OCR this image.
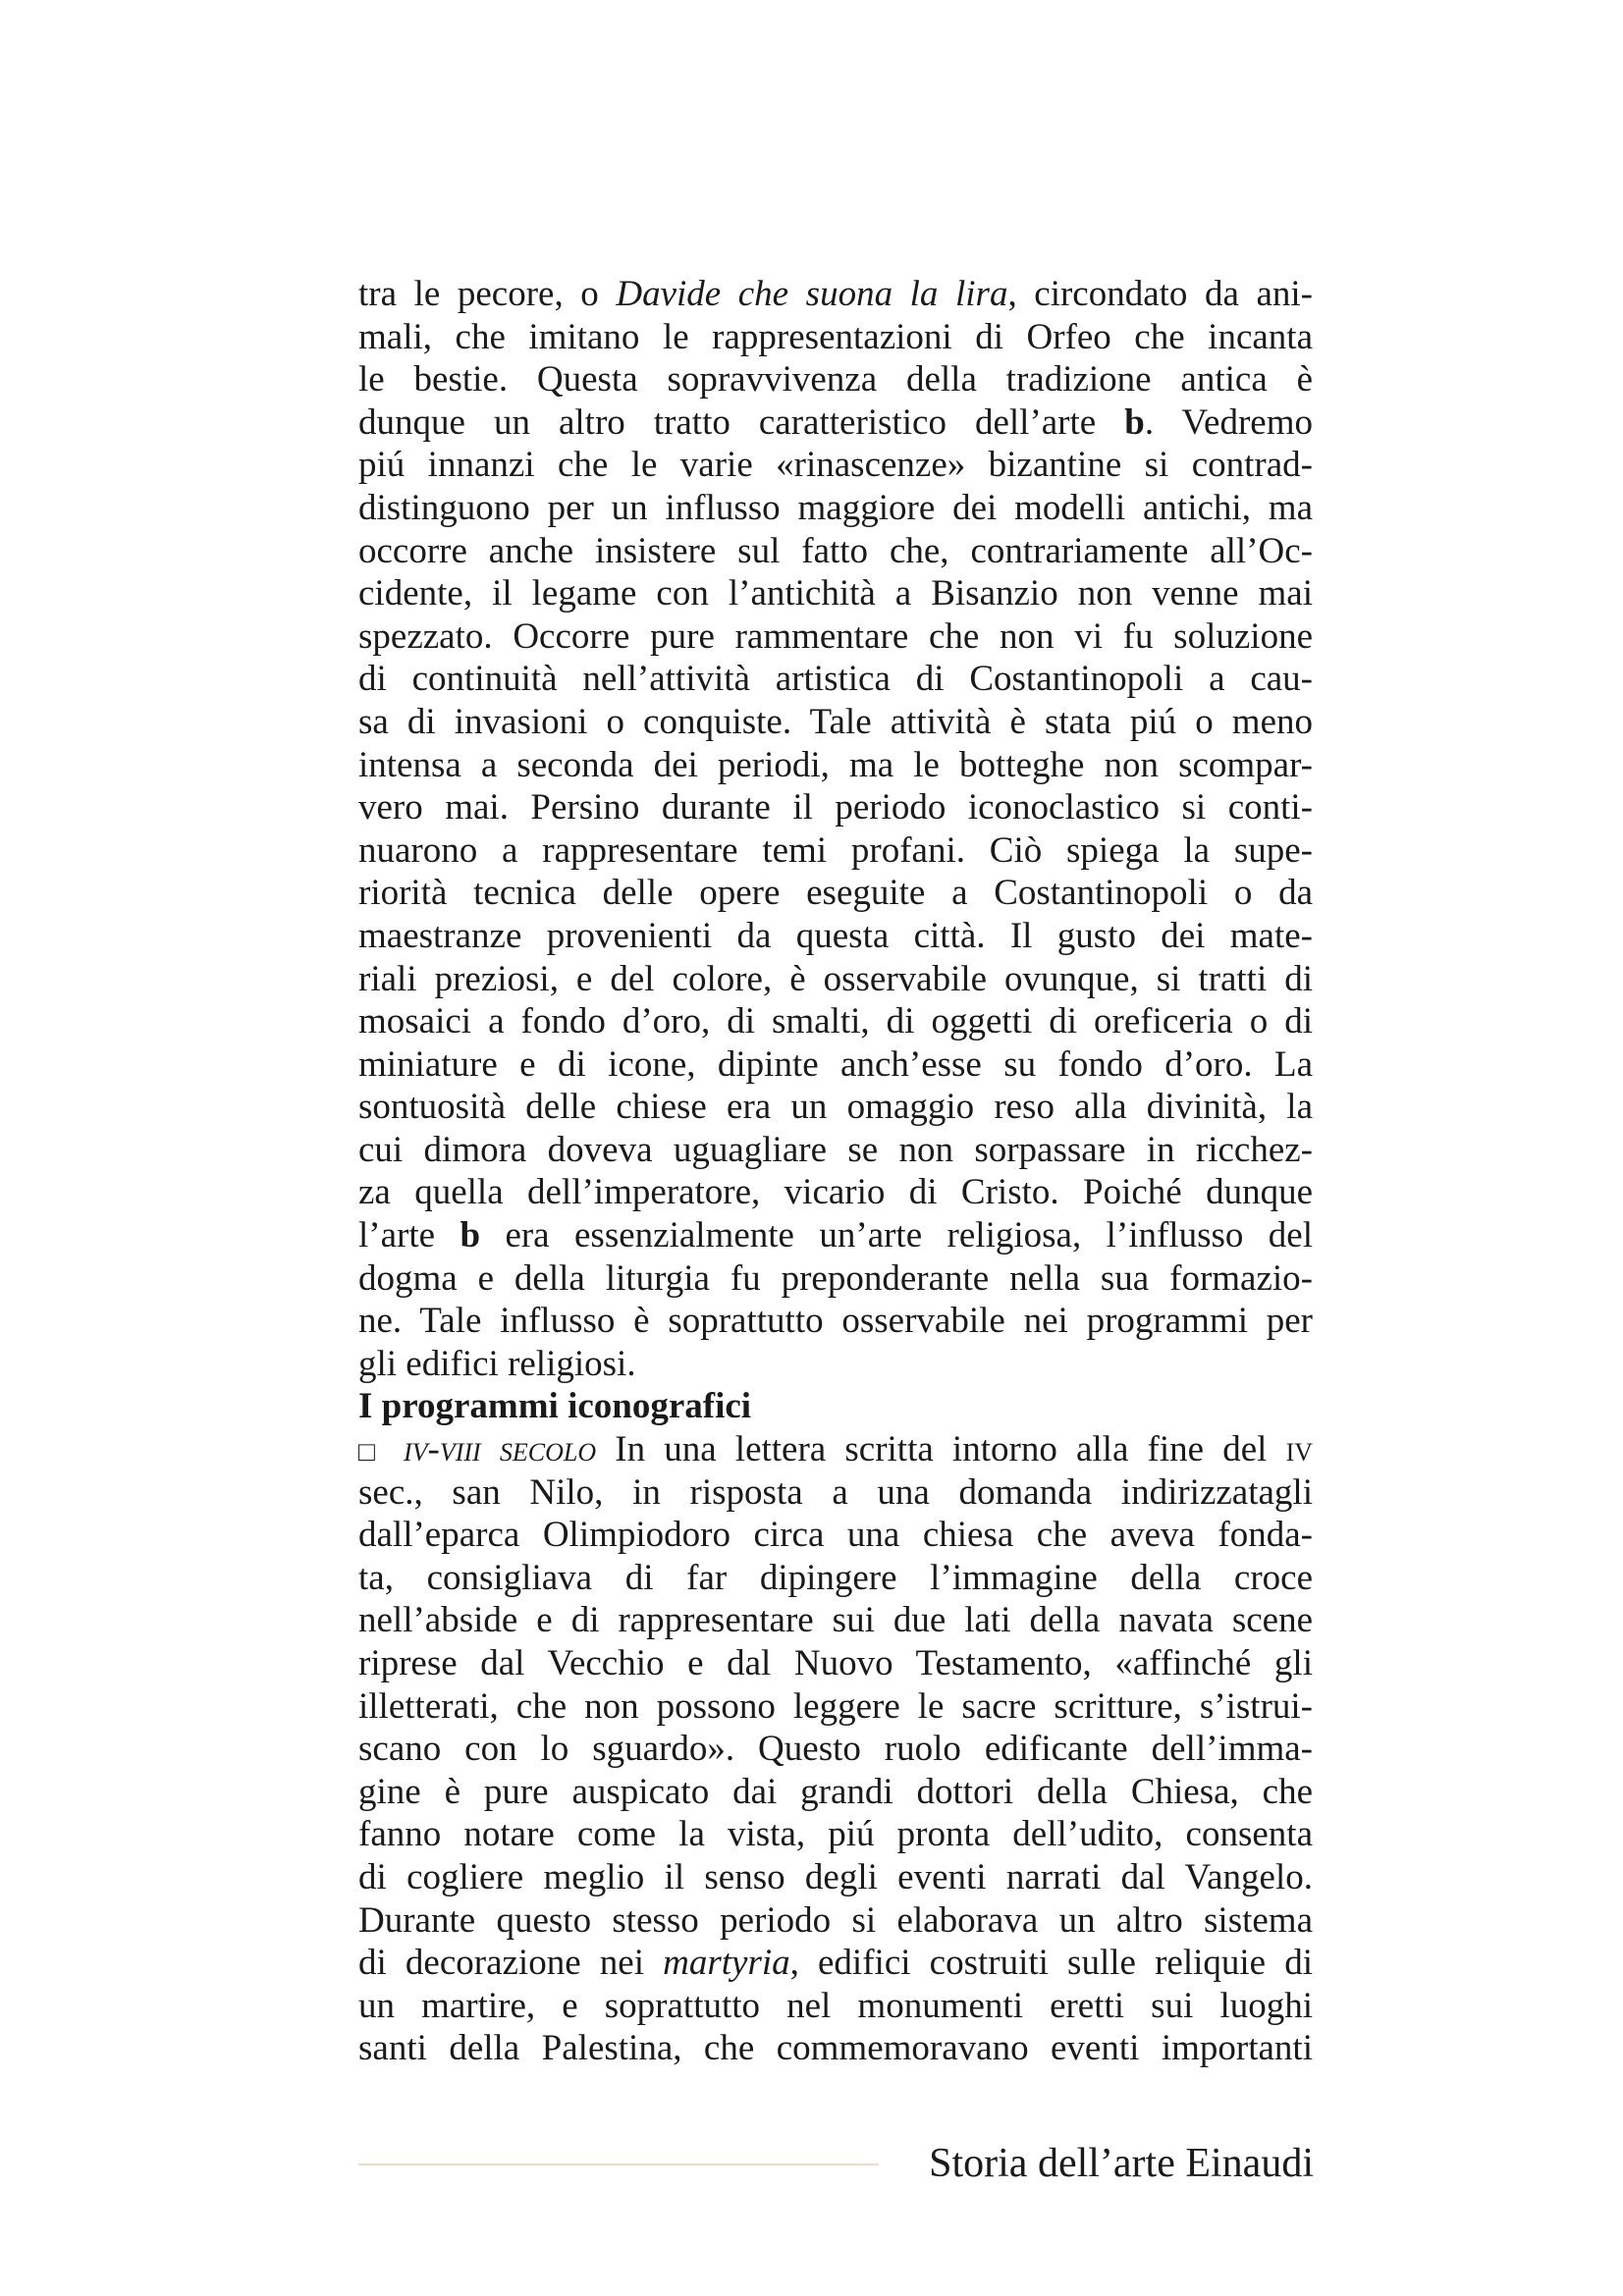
tra le pecore, o Davide che suona la lira, circondato da ani-
mali, che imitano le rappresentazioni di Orfeo che incanta
le bestie. Questa sopravvivenza della tradizione antica è
dunque un altro tratto caratteristico dell’arte b. Vedremo
piú innanzi che le varie «rinascenze» bizantine si contrad-
distinguono per un influsso maggiore dei modelli antichi, ma
occorre anche insistere sul fatto che, contrariamente all’Oc-
cidente, il legame con l’antichità a Bisanzio non venne mai
spezzato. Occorre pure rammentare che non vi fu soluzione
di continuità nell’attività artistica di Costantinopoli a cau-
sa di invasioni o conquiste. Tale attività è stata piú o meno
intensa a seconda dei periodi, ma le botteghe non scompar-
vero mai. Persino durante il periodo iconoclastico si conti-
nuarono a rappresentare temi profani. Ciò spiega la supe-
riorità tecnica delle opere eseguite a Costantinopoli o da
maestranze provenienti da questa città. Il gusto dei mate-
riali preziosi, e del colore, è osservabile ovunque, si tratti di
mosaici a fondo d’oro, di smalti, di oggetti di oreficeria o di
miniature e di icone, dipinte anch’esse su fondo d’oro. La
sontuosità delle chiese era un omaggio reso alla divinità, la
cui dimora doveva uguagliare se non sorpassare in ricchez-
za quella dell’imperatore, vicario di Cristo. Poiché dunque
l’arte b era essenzialmente un’arte religiosa, l’influsso del
dogma e della liturgia fu preponderante nella sua formazio-
ne. Tale influsso è soprattutto osservabile nei programmi per
gli edifici religiosi.
I programmi iconografici
□ iv-viii secolo In una lettera scritta intorno alla fine del iv
sec., san Nilo, in risposta a una domanda indirizzatagli
dall’eparca Olimpiodoro circa una chiesa che aveva fonda-
ta, consigliava di far dipingere l’immagine della croce
nell’abside e di rappresentare sui due lati della navata scene
riprese dal Vecchio e dal Nuovo Testamento, «affinché gli
illetterati, che non possono leggere le sacre scritture, s’istrui-
scano con lo sguardo». Questo ruolo edificante dell’imma-
gine è pure auspicato dai grandi dottori della Chiesa, che
fanno notare come la vista, piú pronta dell’udito, consenta
di cogliere meglio il senso degli eventi narrati dal Vangelo.
Durante questo stesso periodo si elaborava un altro sistema
di decorazione nei martyria, edifici costruiti sulle reliquie di
un martire, e soprattutto nel monumenti eretti sui luoghi
santi della Palestina, che commemoravano eventi importanti
Storia dell’arte Einaudi
